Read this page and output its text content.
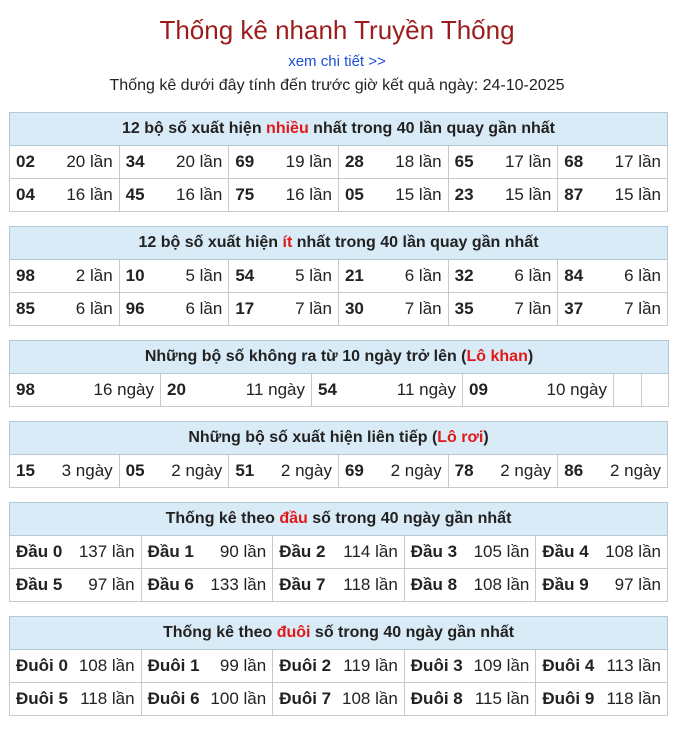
Thống kê nhanh Truyền Thống
xem chi tiết >>
Thống kê dưới đây tính đến trước giờ kết quả ngày: 24-10-2025
12 bộ số xuất hiện nhiều nhất trong 40 lần quay gần nhất					
02 20 lần	34 20 lần	69 19 lần	28 18 lần	65 17 lần	68 17 lần

04 16 lần	45 16 lần	75 16 lần	05 15 lần	23 15 lần	87 15 lần
12 bộ số xuất hiện ít nhất trong 40 lần quay gần nhất					
98 2 lần	10 5 lần	54 5 lần	21 6 lần	32 6 lần	84 6 lần

85 6 lần	96 6 lần	17 7 lần	30 7 lần	35 7 lần	37 7 lần
Những bộ số không ra từ 10 ngày trở lên (Lô khan)
98	16 ngày	20	11 ngày	54	11 ngày	09	10 ngày

Những bộ số xuất hiện liên tiếp (Lô rơi)
15 3 ngày	05 2 ngày	51 2 ngày	69 2 ngày	78 2 ngày	86 2 ngày
Thống kê theo đầu số trong 40 ngày gần nhất				
Đầu 0 137 lần	Đầu 1 90 lần	Đầu 2 114 lần	Đầu 3 105 lần	Đầu 4 108 lần

Đầu 5 97 lần	Đầu 6 133 lần	Đầu 7 118 lần	Đầu 8 108 lần	Đầu 9 97 lần
Thống kê theo đuôi số trong 40 ngày gần nhất				
Đuôi 0 108 lần	Đuôi 1 99 lần	Đuôi 2 119 lần	Đuôi 3 109 lần	Đuôi 4 113 lần

Đuôi 5 118 lần	Đuôi 6 100 lần	Đuôi 7 108 lần	Đuôi 8 115 lần	Đuôi 9 118 lần
